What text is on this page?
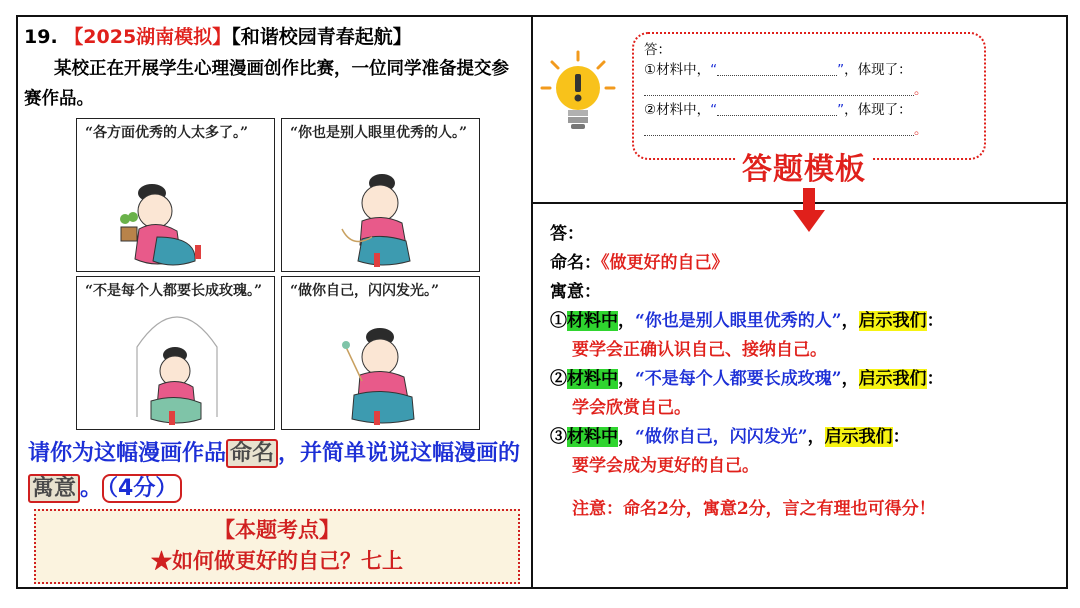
19. 【2025湖南模拟】【和谐校园青春起航】
某校正在开展学生心理漫画创作比赛，一位同学准备提交参赛作品。
“各方面优秀的人太多了。”	“你也是别人眼里优秀的人。”
“不是每个人都要长成玫瑰。”	“做你自己，闪闪发光。”
请你为这幅漫画作品 命名 ，并简单说说这幅漫画的寓意 。 （4分）
【本题考点】
★如何做更好的自己？七上
答：
①材料中，“	”，体现了：
。
②材料中，“	”，体现了：
。
答题模板
答：
命名：《做更好的自己》
寓意：
①材料中，“你也是别人眼里优秀的人”，启示我们：
要学会正确认识自己、接纳自己。
②材料中，“不是每个人都要长成玫瑰”，启示我们：
学会欣赏自己。
③材料中，“做你自己，闪闪发光”，启示我们：
要学会成为更好的自己。
注意：命名2分，寓意2分，言之有理也可得分！
